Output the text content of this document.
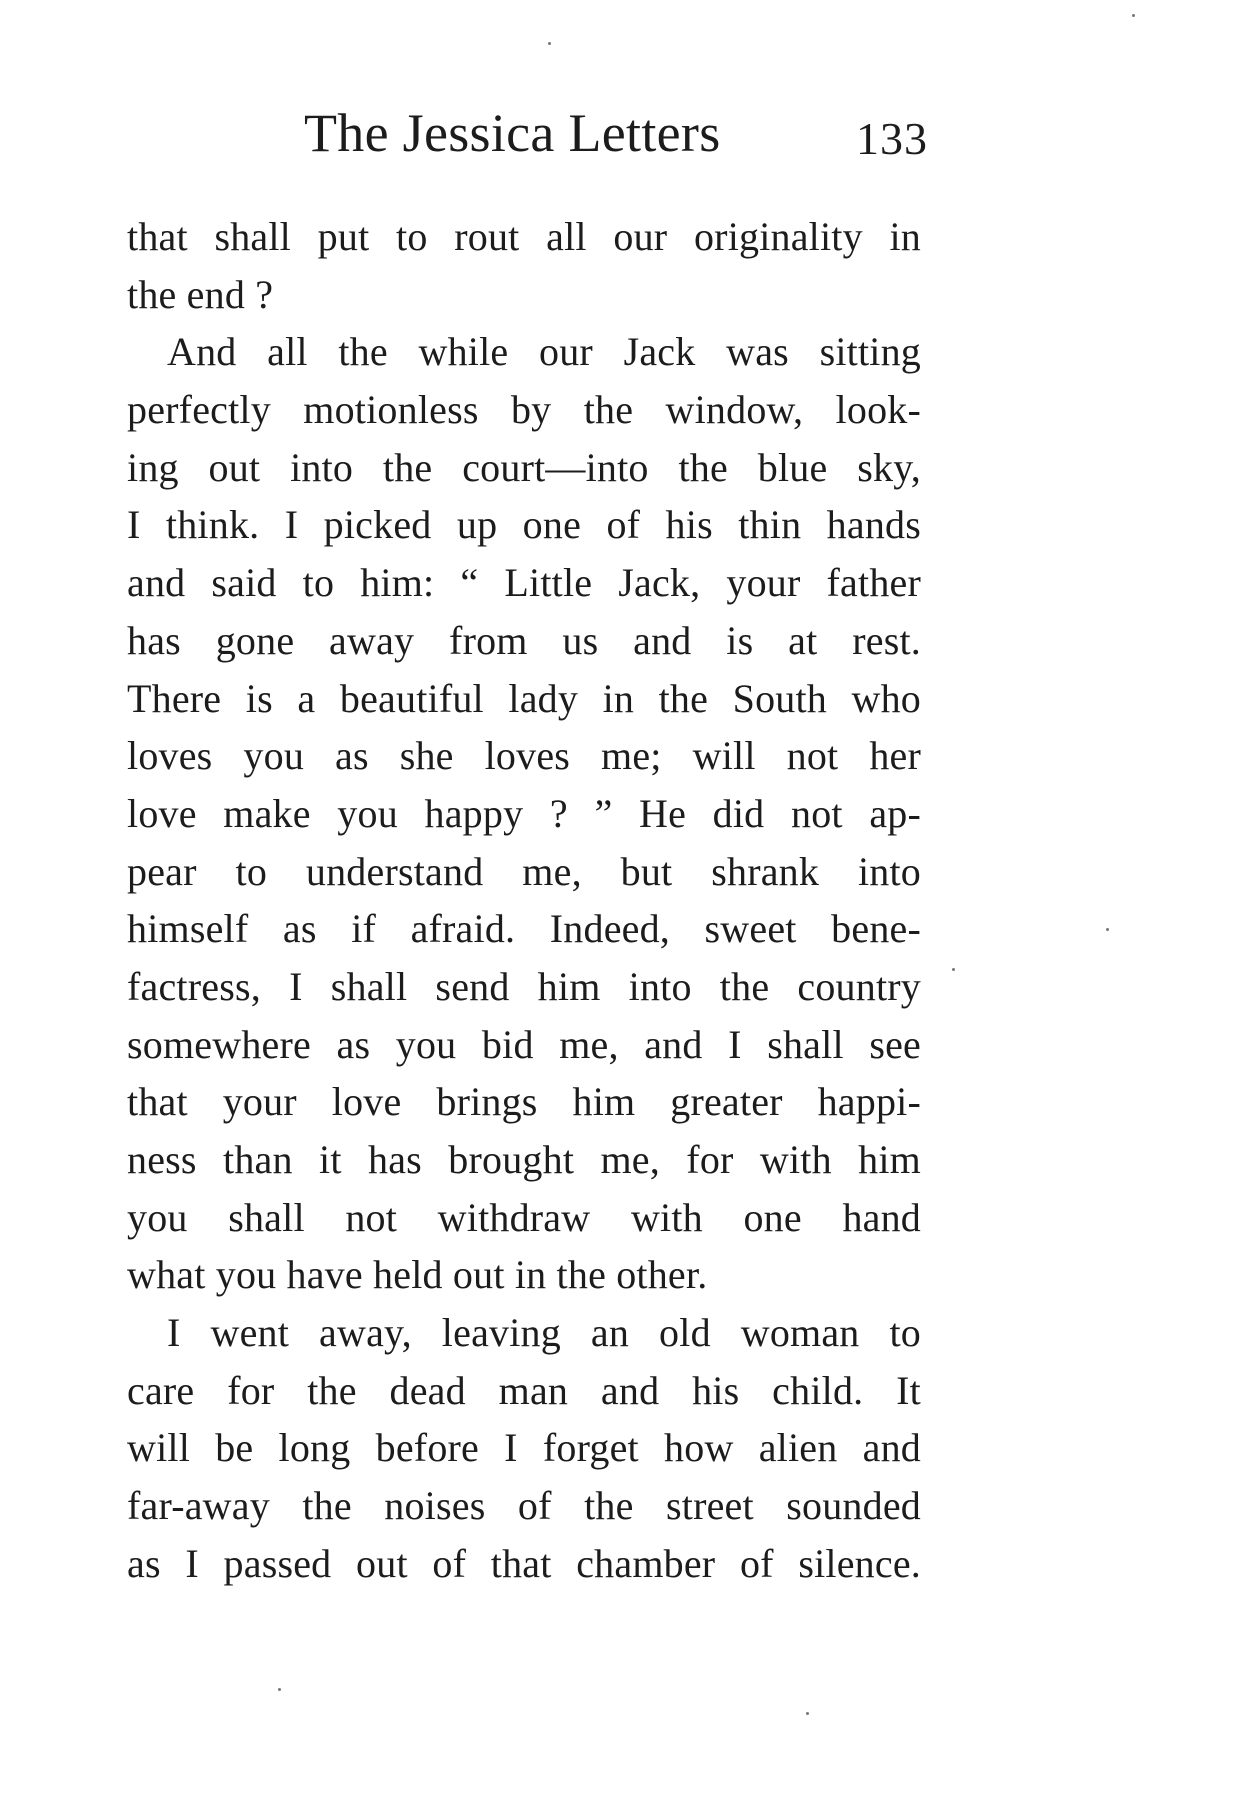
The Jessica Letters	133
that shall put to rout all our originality in
the end ?
And all the while our Jack was sitting
perfectly motionless by the window, look-
ing out into the court—into the blue sky,
I think. I picked up one of his thin hands
and said to him: “ Little Jack, your father
has gone away from us and is at rest.
There is a beautiful lady in the South who
loves you as she loves me; will not her
love make you happy ? ” He did not ap-
pear to understand me, but shrank into
himself as if afraid. Indeed, sweet bene-
factress, I shall send him into the country
somewhere as you bid me, and I shall see
that your love brings him greater happi-
ness than it has brought me, for with him
you shall not withdraw with one hand
what you have held out in the other.
I went away, leaving an old woman to
care for the dead man and his child. It
will be long before I forget how alien and
far-away the noises of the street sounded
as I passed out of that chamber of silence.
